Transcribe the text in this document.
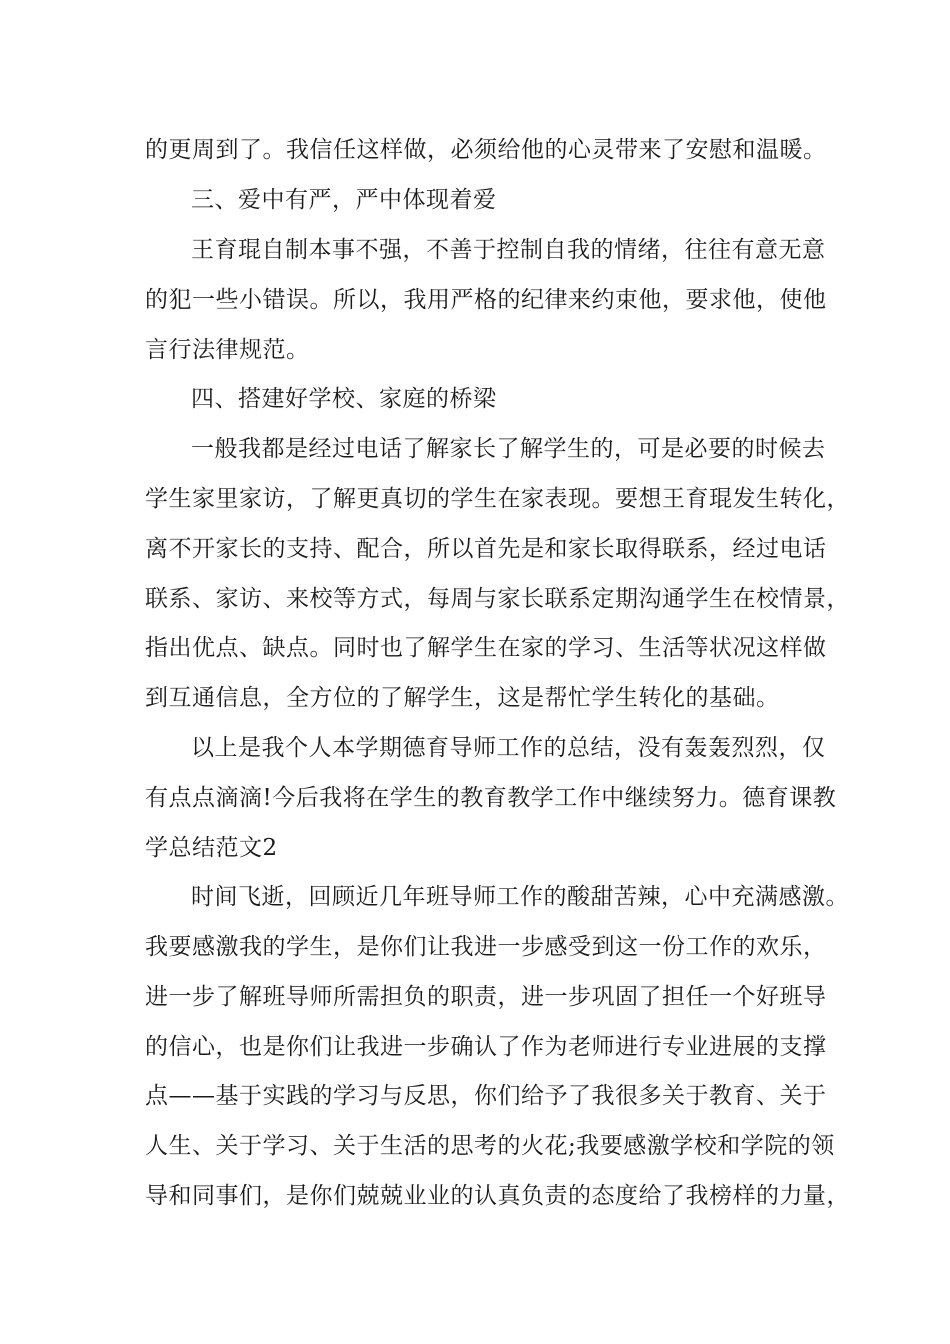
的更周到了。我信任这样做，必须给他的心灵带来了安慰和温暖。
三、爱中有严，严中体现着爱
王育琨自制本事不强，不善于控制自我的情绪，往往有意无意
的犯一些小错误。所以，我用严格的纪律来约束他，要求他，使他
言行法律规范。
四、搭建好学校、家庭的桥梁
一般我都是经过电话了解家长了解学生的，可是必要的时候去
学生家里家访，了解更真切的学生在家表现。要想王育琨发生转化，
离不开家长的支持、配合，所以首先是和家长取得联系，经过电话
联系、家访、来校等方式，每周与家长联系定期沟通学生在校情景，
指出优点、缺点。同时也了解学生在家的学习、生活等状况这样做
到互通信息，全方位的了解学生，这是帮忙学生转化的基础。
以上是我个人本学期德育导师工作的总结，没有轰轰烈烈，仅
有点点滴滴!今后我将在学生的教育教学工作中继续努力。德育课教
学总结范文2
时间飞逝，回顾近几年班导师工作的酸甜苦辣，心中充满感激。
我要感激我的学生，是你们让我进一步感受到这一份工作的欢乐，
进一步了解班导师所需担负的职责，进一步巩固了担任一个好班导
的信心，也是你们让我进一步确认了作为老师进行专业进展的支撑
点——基于实践的学习与反思，你们给予了我很多关于教育、关于
人生、关于学习、关于生活的思考的火花;我要感激学校和学院的领
导和同事们，是你们兢兢业业的认真负责的态度给了我榜样的力量，
